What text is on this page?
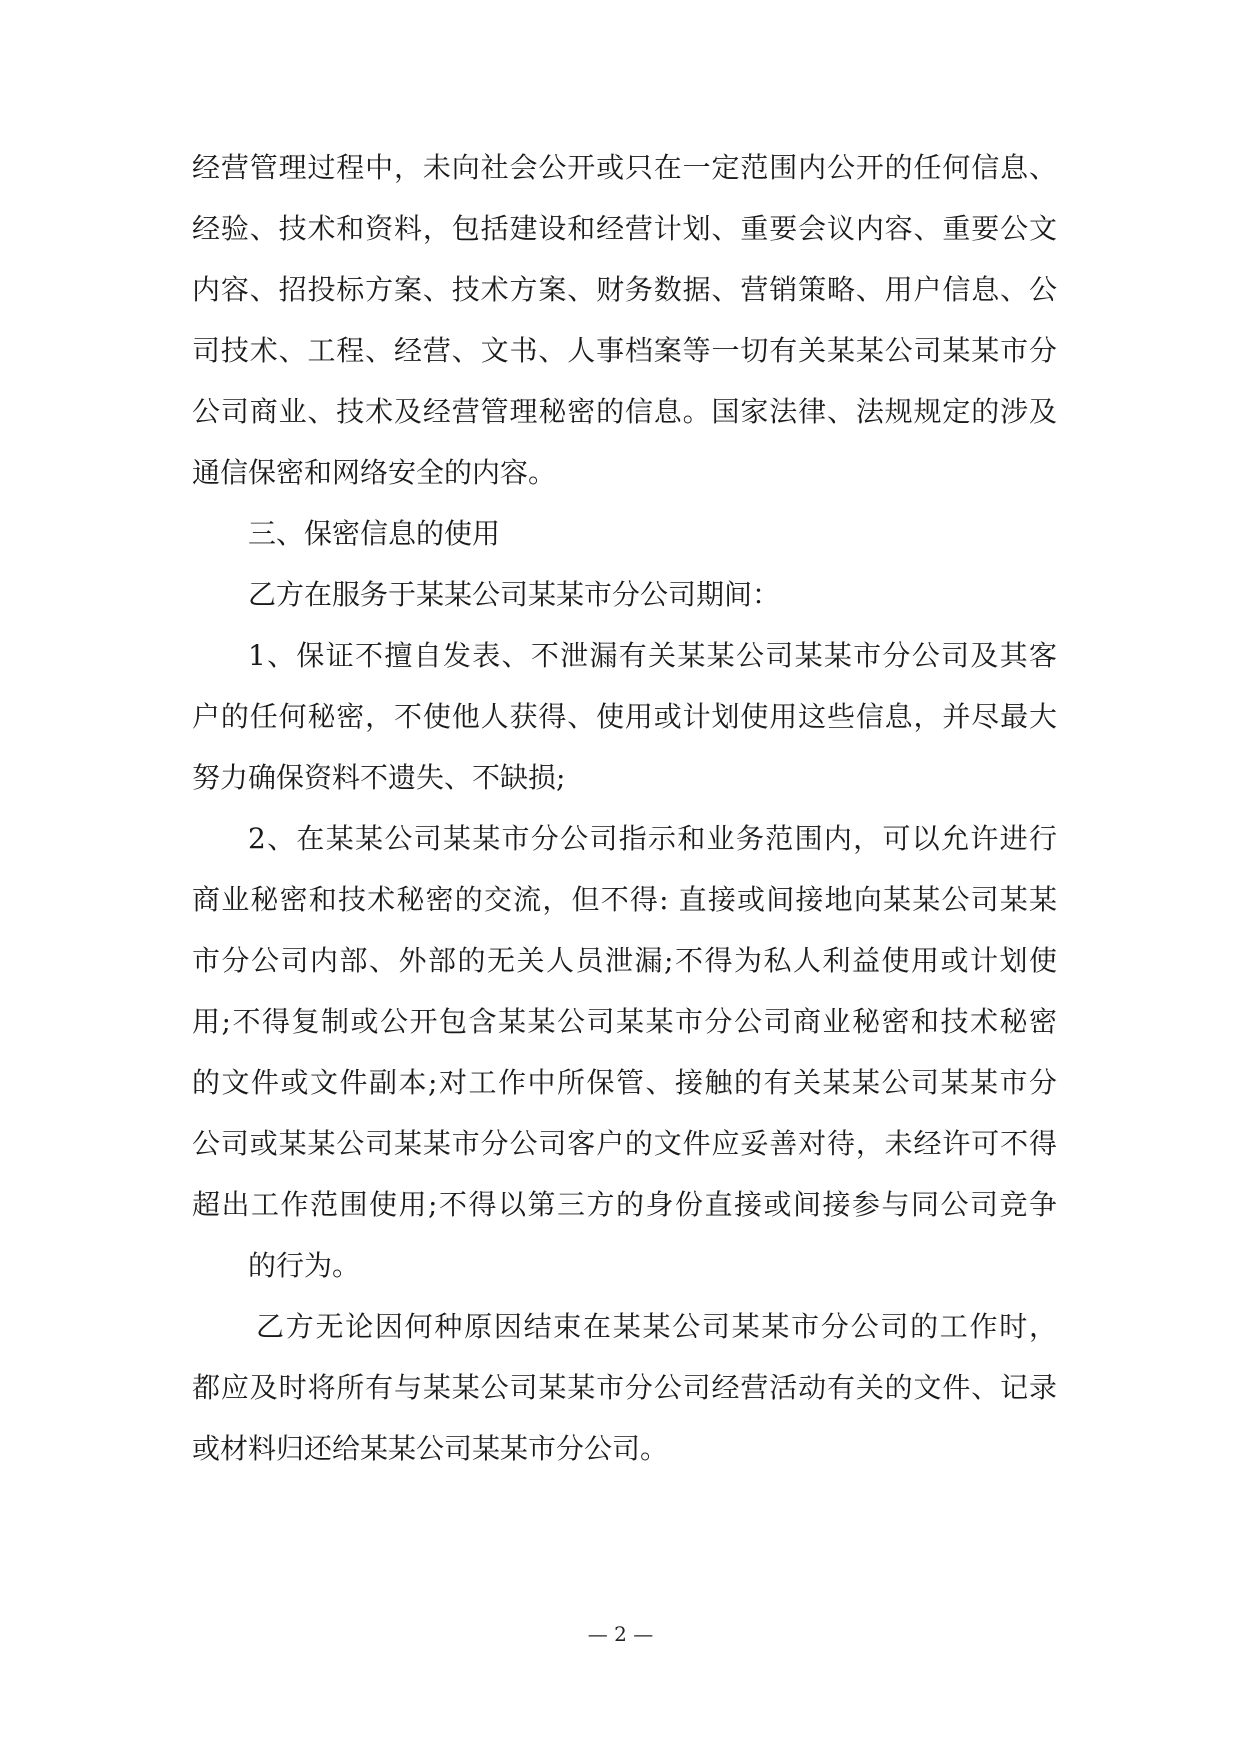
经营管理过程中，未向社会公开或只在一定范围内公开的任何信息、
经验、技术和资料，包括建设和经营计划、重要会议内容、重要公文
内容、招投标方案、技术方案、财务数据、营销策略、用户信息、公
司技术、工程、经营、文书、人事档案等一切有关某某公司某某市分
公司商业、技术及经营管理秘密的信息。国家法律、法规规定的涉及
通信保密和网络安全的内容。
三、保密信息的使用
乙方在服务于某某公司某某市分公司期间：
1、保证不擅自发表、不泄漏有关某某公司某某市分公司及其客
户的任何秘密，不使他人获得、使用或计划使用这些信息，并尽最大
努力确保资料不遗失、不缺损;
2、在某某公司某某市分公司指示和业务范围内，可以允许进行
商业秘密和技术秘密的交流，但不得: 直接或间接地向某某公司某某
市分公司内部、外部的无关人员泄漏;不得为私人利益使用或计划使
用;不得复制或公开包含某某公司某某市分公司商业秘密和技术秘密
的文件或文件副本;对工作中所保管、接触的有关某某公司某某市分
公司或某某公司某某市分公司客户的文件应妥善对待，未经许可不得
超出工作范围使用;不得以第三方的身份直接或间接参与同公司竞争
的行为。
乙方无论因何种原因结束在某某公司某某市分公司的工作时，
都应及时将所有与某某公司某某市分公司经营活动有关的文件、记录
或材料归还给某某公司某某市分公司。
— 2 —
